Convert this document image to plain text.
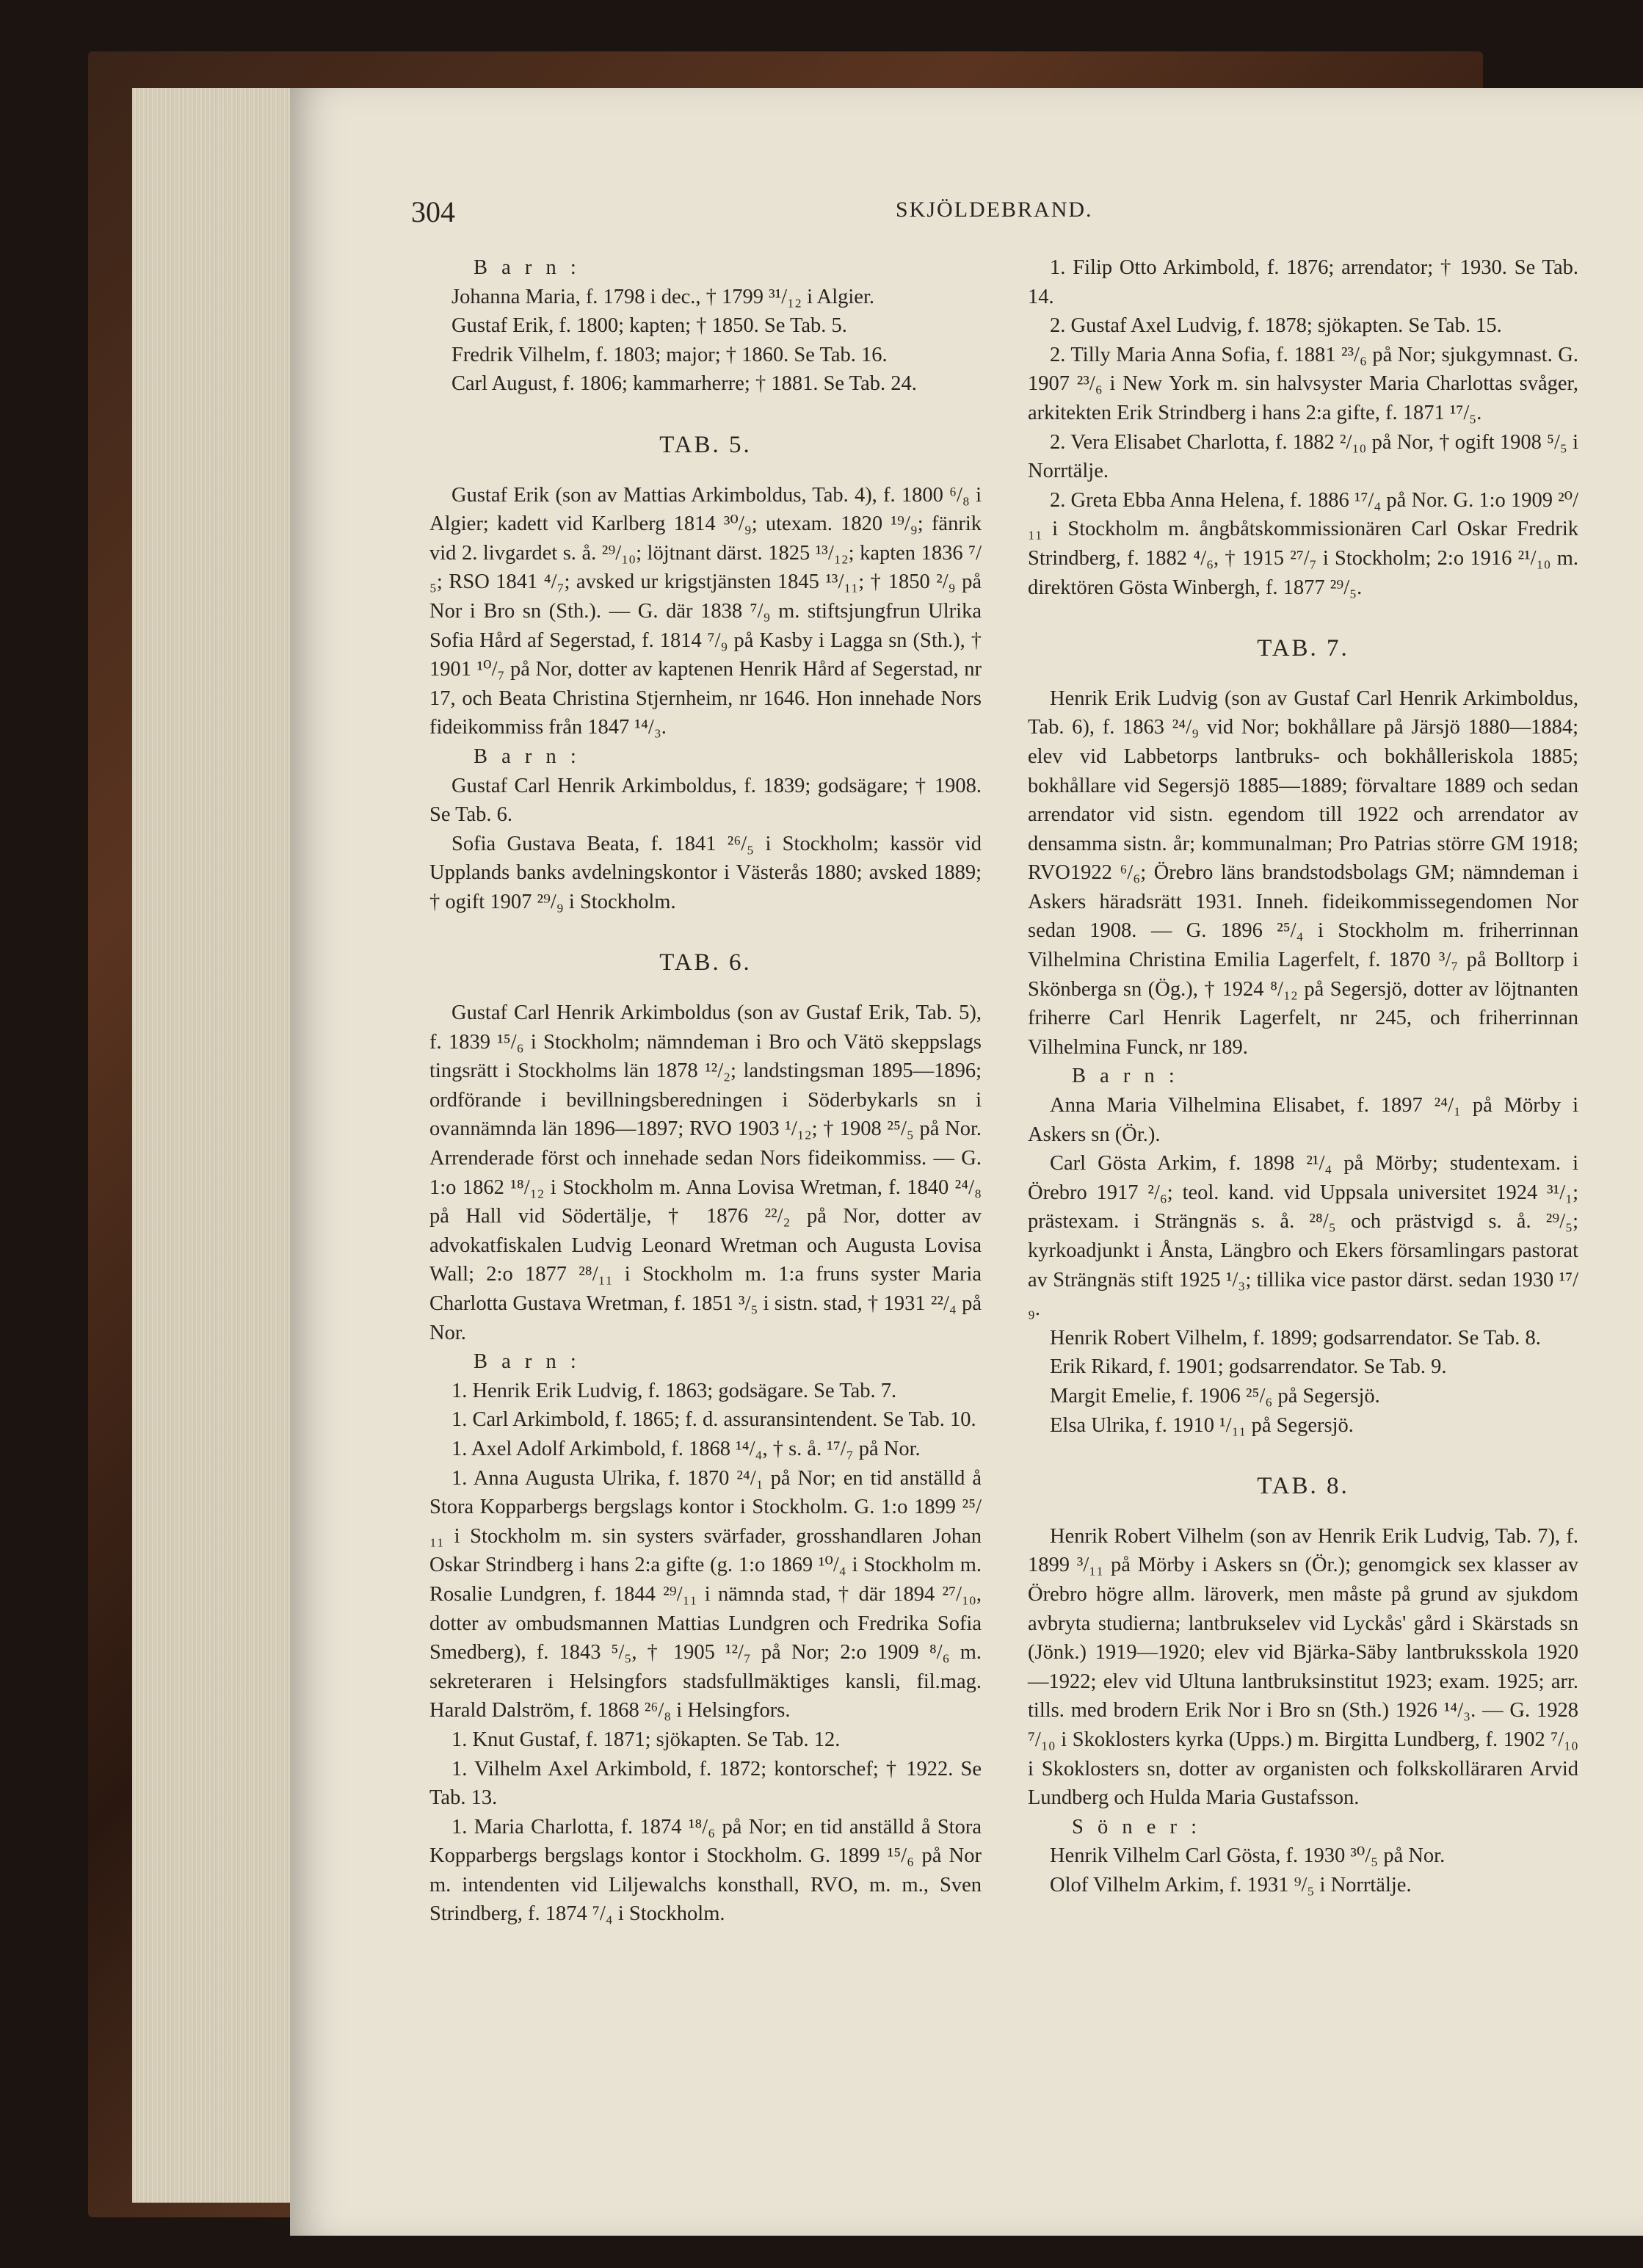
304	SKJÖLDEBRAND.

B a r n :

Johanna Maria, f. 1798 i dec., † 1799 ³¹/₁₂ i Algier.

Gustaf Erik, f. 1800; kapten; † 1850. Se Tab. 5.

Fredrik Vilhelm, f. 1803; major; † 1860. Se Tab. 16.

Carl August, f. 1806; kammarherre; † 1881. Se Tab. 24.

TAB. 5.

Gustaf Erik (son av Mattias Arkimboldus, Tab. 4), f. 1800 ⁶/₈ i Algier; kadett vid Karlberg 1814 ³⁰/₉; utexam. 1820 ¹⁹/₉; fänrik vid 2. livgardet s. å. ²⁹/₁₀; löjtnant därst. 1825 ¹³/₁₂; kapten 1836 ⁷/₅; RSO 1841 ⁴/₇; avsked ur krigstjänsten 1845 ¹³/₁₁; † 1850 ²/₉ på Nor i Bro sn (Sth.). — G. där 1838 ⁷/₉ m. stiftsjungfrun Ulrika Sofia Hård af Segerstad, f. 1814 ⁷/₉ på Kasby i Lagga sn (Sth.), † 1901 ¹⁰/₇ på Nor, dotter av kaptenen Henrik Hård af Segerstad, nr 17, och Beata Christina Stjernheim, nr 1646. Hon innehade Nors fideikommiss från 1847 ¹⁴/₃.

B a r n :

Gustaf Carl Henrik Arkimboldus, f. 1839; godsägare; † 1908. Se Tab. 6.

Sofia Gustava Beata, f. 1841 ²⁶/₅ i Stockholm; kassör vid Upplands banks avdelningskontor i Västerås 1880; avsked 1889; † ogift 1907 ²⁹/₉ i Stockholm.

TAB. 6.

Gustaf Carl Henrik Arkimboldus (son av Gustaf Erik, Tab. 5), f. 1839 ¹⁵/₆ i Stockholm; nämndeman i Bro och Vätö skeppslags tingsrätt i Stockholms län 1878 ¹²/₂; landstingsman 1895—1896; ordförande i bevillningsberedningen i Söderbykarls sn i ovannämnda län 1896—1897; RVO 1903 ¹/₁₂; † 1908 ²⁵/₅ på Nor. Arrenderade först och innehade sedan Nors fideikommiss. — G. 1:o 1862 ¹⁸/₁₂ i Stockholm m. Anna Lovisa Wretman, f. 1840 ²⁴/₈ på Hall vid Södertälje, † 1876 ²²/₂ på Nor, dotter av advokatfiskalen Ludvig Leonard Wretman och Augusta Lovisa Wall; 2:o 1877 ²⁸/₁₁ i Stockholm m. 1:a fruns syster Maria Charlotta Gustava Wretman, f. 1851 ³/₅ i sistn. stad, † 1931 ²²/₄ på Nor.

B a r n :

1. Henrik Erik Ludvig, f. 1863; godsägare. Se Tab. 7.

1. Carl Arkimbold, f. 1865; f. d. assuransintendent. Se Tab. 10.

1. Axel Adolf Arkimbold, f. 1868 ¹⁴/₄, † s. å. ¹⁷/₇ på Nor.

1. Anna Augusta Ulrika, f. 1870 ²⁴/₁ på Nor; en tid anställd å Stora Kopparbergs bergslags kontor i Stockholm. G. 1:o 1899 ²⁵/₁₁ i Stockholm m. sin systers svärfader, grosshandlaren Johan Oskar Strindberg i hans 2:a gifte (g. 1:o 1869 ¹⁰/₄ i Stockholm m. Rosalie Lundgren, f. 1844 ²⁹/₁₁ i nämnda stad, † där 1894 ²⁷/₁₀, dotter av ombudsmannen Mattias Lundgren och Fredrika Sofia Smedberg), f. 1843 ⁵/₅, † 1905 ¹²/₇ på Nor; 2:o 1909 ⁸/₆ m. sekreteraren i Helsingfors stadsfullmäktiges kansli, fil.mag. Harald Dalström, f. 1868 ²⁶/₈ i Helsingfors.

1. Knut Gustaf, f. 1871; sjökapten. Se Tab. 12.

1. Vilhelm Axel Arkimbold, f. 1872; kontorschef; † 1922. Se Tab. 13.

1. Maria Charlotta, f. 1874 ¹⁸/₆ på Nor; en tid anställd å Stora Kopparbergs bergslags kontor i Stockholm. G. 1899 ¹⁵/₆ på Nor m. intendenten vid Liljewalchs konsthall, RVO, m. m., Sven Strindberg, f. 1874 ⁷/₄ i Stockholm.

1. Filip Otto Arkimbold, f. 1876; arrendator; † 1930. Se Tab. 14.

2. Gustaf Axel Ludvig, f. 1878; sjökapten. Se Tab. 15.

2. Tilly Maria Anna Sofia, f. 1881 ²³/₆ på Nor; sjukgymnast. G. 1907 ²³/₆ i New York m. sin halvsyster Maria Charlottas svåger, arkitekten Erik Strindberg i hans 2:a gifte, f. 1871 ¹⁷/₅.

2. Vera Elisabet Charlotta, f. 1882 ²/₁₀ på Nor, † ogift 1908 ⁵/₅ i Norrtälje.

2. Greta Ebba Anna Helena, f. 1886 ¹⁷/₄ på Nor. G. 1:o 1909 ²⁰/₁₁ i Stockholm m. ångbåtskommissionären Carl Oskar Fredrik Strindberg, f. 1882 ⁴/₆, † 1915 ²⁷/₇ i Stockholm; 2:o 1916 ²¹/₁₀ m. direktören Gösta Winbergh, f. 1877 ²⁹/₅.

TAB. 7.

Henrik Erik Ludvig (son av Gustaf Carl Henrik Arkimboldus, Tab. 6), f. 1863 ²⁴/₉ vid Nor; bokhållare på Järsjö 1880—1884; elev vid Labbetorps lantbruks- och bokhålleriskola 1885; bokhållare vid Segersjö 1885—1889; förvaltare 1889 och sedan arrendator vid sistn. egendom till 1922 och arrendator av densamma sistn. år; kommunalman; Pro Patrias större GM 1918; RVO1922 ⁶/₆; Örebro läns brandstodsbolags GM; nämndeman i Askers häradsrätt 1931. Inneh. fideikommissegendomen Nor sedan 1908. — G. 1896 ²⁵/₄ i Stockholm m. friherrinnan Vilhelmina Christina Emilia Lagerfelt, f. 1870 ³/₇ på Bolltorp i Skönberga sn (Ög.), † 1924 ⁸/₁₂ på Segersjö, dotter av löjtnanten friherre Carl Henrik Lagerfelt, nr 245, och friherrinnan Vilhelmina Funck, nr 189.

B a r n :

Anna Maria Vilhelmina Elisabet, f. 1897 ²⁴/₁ på Mörby i Askers sn (Ör.).

Carl Gösta Arkim, f. 1898 ²¹/₄ på Mörby; studentexam. i Örebro 1917 ²/₆; teol. kand. vid Uppsala universitet 1924 ³¹/₁; prästexam. i Strängnäs s. å. ²⁸/₅ och prästvigd s. å. ²⁹/₅; kyrkoadjunkt i Ånsta, Längbro och Ekers församlingars pastorat av Strängnäs stift 1925 ¹/₃; tillika vice pastor därst. sedan 1930 ¹⁷/₉.

Henrik Robert Vilhelm, f. 1899; godsarrendator. Se Tab. 8.

Erik Rikard, f. 1901; godsarrendator. Se Tab. 9.

Margit Emelie, f. 1906 ²⁵/₆ på Segersjö.

Elsa Ulrika, f. 1910 ¹/₁₁ på Segersjö.

TAB. 8.

Henrik Robert Vilhelm (son av Henrik Erik Ludvig, Tab. 7), f. 1899 ³/₁₁ på Mörby i Askers sn (Ör.); genomgick sex klasser av Örebro högre allm. läroverk, men måste på grund av sjukdom avbryta studierna; lantbrukselev vid Lyckås' gård i Skärstads sn (Jönk.) 1919—1920; elev vid Bjärka-Säby lantbruksskola 1920—1922; elev vid Ultuna lantbruksinstitut 1923; exam. 1925; arr. tills. med brodern Erik Nor i Bro sn (Sth.) 1926 ¹⁴/₃. — G. 1928 ⁷/₁₀ i Skoklosters kyrka (Upps.) m. Birgitta Lundberg, f. 1902 ⁷/₁₀ i Skoklosters sn, dotter av organisten och folkskolläraren Arvid Lundberg och Hulda Maria Gustafsson.

S ö n e r :

Henrik Vilhelm Carl Gösta, f. 1930 ³⁰/₅ på Nor.

Olof Vilhelm Arkim, f. 1931 ⁹/₅ i Norrtälje.
